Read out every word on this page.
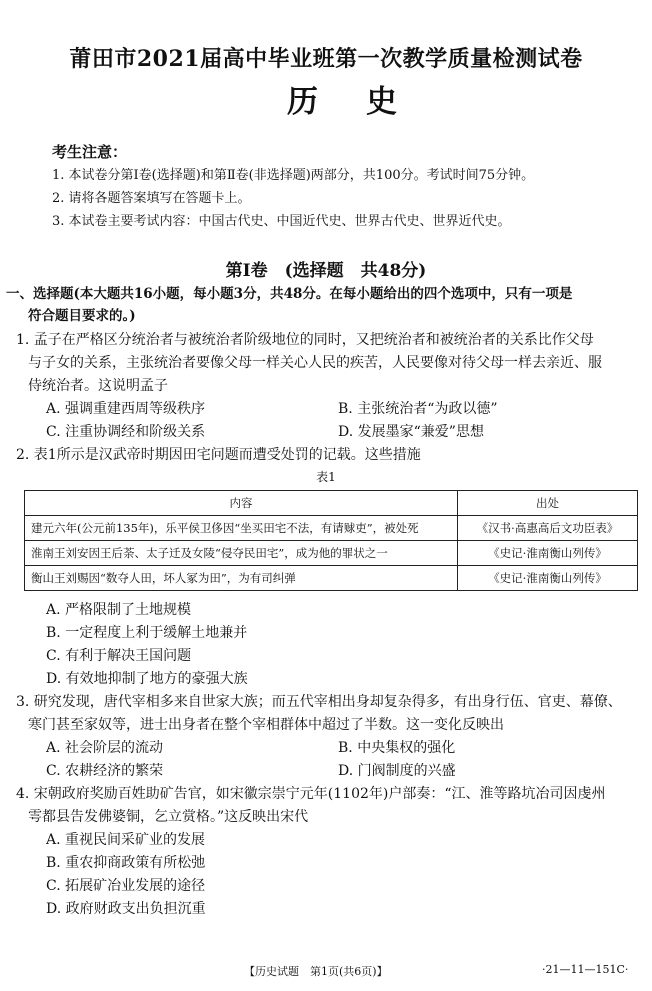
莆田市2021届高中毕业班第一次教学质量检测试卷
历史
考生注意：
1. 本试卷分第Ⅰ卷(选择题)和第Ⅱ卷(非选择题)两部分，共100分。考试时间75分钟。
2. 请将各题答案填写在答题卡上。
3. 本试卷主要考试内容：中国古代史、中国近代史、世界古代史、世界近代史。
第Ⅰ卷　(选择题　共48分)
一、选择题(本大题共16小题，每小题3分，共48分。在每小题给出的四个选项中，只有一项是
符合题目要求的。)
1. 孟子在严格区分统治者与被统治者阶级地位的同时，又把统治者和被统治者的关系比作父母
与子女的关系，主张统治者要像父母一样关心人民的疾苦，人民要像对待父母一样去亲近、服
侍统治者。这说明孟子
A. 强调重建西周等级秩序	B. 主张统治者“为政以德”
C. 注重协调经和阶级关系	D. 发展墨家“兼爱”思想
2. 表1所示是汉武帝时期因田宅问题而遭受处罚的记载。这些措施
表1
内容	出处
建元六年(公元前135年)，乐平侯卫侈因“坐买田宅不法，有请赇吏”，被处死	《汉书·高惠高后文功臣表》
淮南王刘安因王后荼、太子迁及女陵“侵夺民田宅”，成为他的罪状之一	《史记·淮南衡山列传》
衡山王刘赐因“数夺人田，坏人冢为田”，为有司纠弹	《史记·淮南衡山列传》
A. 严格限制了土地规模
B. 一定程度上利于缓解土地兼并
C. 有利于解决王国问题
D. 有效地抑制了地方的豪强大族
3. 研究发现，唐代宰相多来自世家大族；而五代宰相出身却复杂得多，有出身行伍、官吏、幕僚、
寒门甚至家奴等，进士出身者在整个宰相群体中超过了半数。这一变化反映出
A. 社会阶层的流动	B. 中央集权的强化
C. 农耕经济的繁荣	D. 门阀制度的兴盛
4. 宋朝政府奖励百姓助矿告官，如宋徽宗崇宁元年(1102年)户部奏：“江、淮等路坑冶司因虔州
雩都县告发佛婆铜，乞立赏格。”这反映出宋代
A. 重视民间采矿业的发展
B. 重农抑商政策有所松弛
C. 拓展矿冶业发展的途径
D. 政府财政支出负担沉重
【历史试题　第1页(共6页)】	·21—11—151C·
